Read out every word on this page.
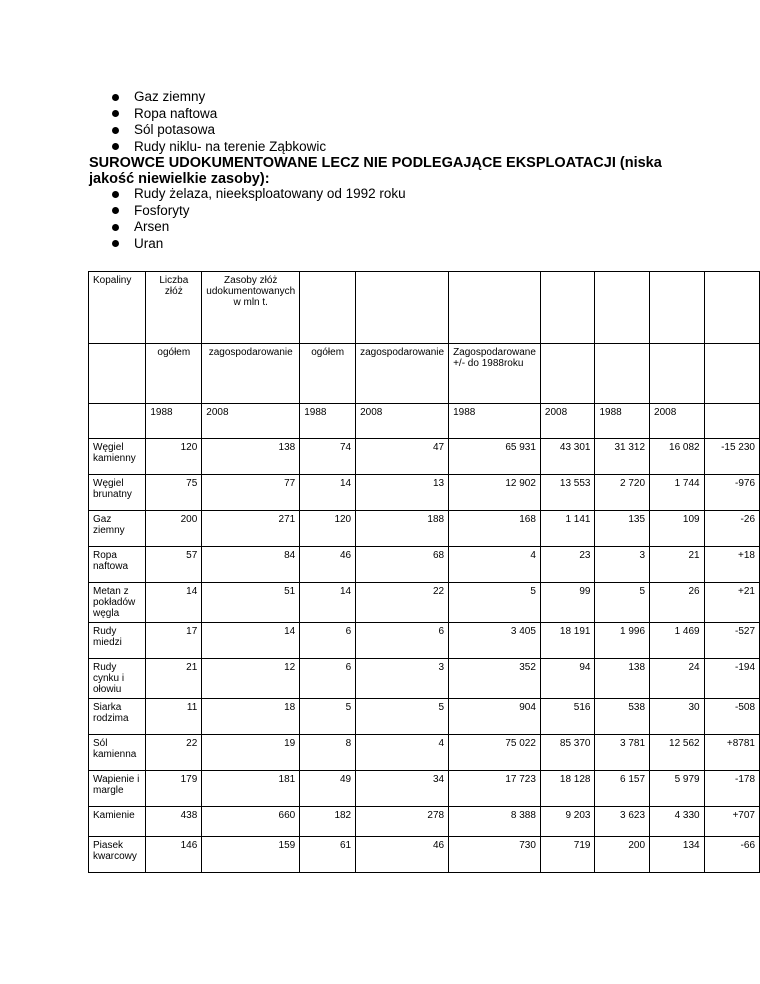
Gaz ziemny
Ropa naftowa
Sól potasowa
Rudy niklu- na terenie Ząbkowic
SUROWCE UDOKUMENTOWANE LECZ NIE PODLEGAJĄCE EKSPLOATACJI (niska jakość niewielkie zasoby):
Rudy żelaza, nieeksploatowany od 1992 roku
Fosforyty
Arsen
Uran
Kopaliny	Liczba złóż	Zasoby złóż udokumentowanych w mln t.							
	ogółem	zagospodarowanie	ogółem	zagospodarowanie	Zagospodarowane +/- do 1988roku				
	1988	2008	1988	2008	1988	2008	1988	2008	
Węgiel kamienny	120	138	74	47	65 931	43 301	31 312	16 082	-15 230
Węgiel brunatny	75	77	14	13	12 902	13 553	2 720	1 744	-976
Gaz ziemny	200	271	120	188	168	1 141	135	109	-26
Ropa naftowa	57	84	46	68	4	23	3	21	+18
Metan z pokładów węgla	14	51	14	22	5	99	5	26	+21
Rudy miedzi	17	14	6	6	3 405	18 191	1 996	1 469	-527
Rudy cynku i ołowiu	21	12	6	3	352	94	138	24	-194
Siarka rodzima	11	18	5	5	904	516	538	30	-508
Sól kamienna	22	19	8	4	75 022	85 370	3 781	12 562	+8781
Wapienie i margle	179	181	49	34	17 723	18 128	6 157	5 979	-178
Kamienie	438	660	182	278	8 388	9 203	3 623	4 330	+707
Piasek kwarcowy	146	159	61	46	730	719	200	134	-66
